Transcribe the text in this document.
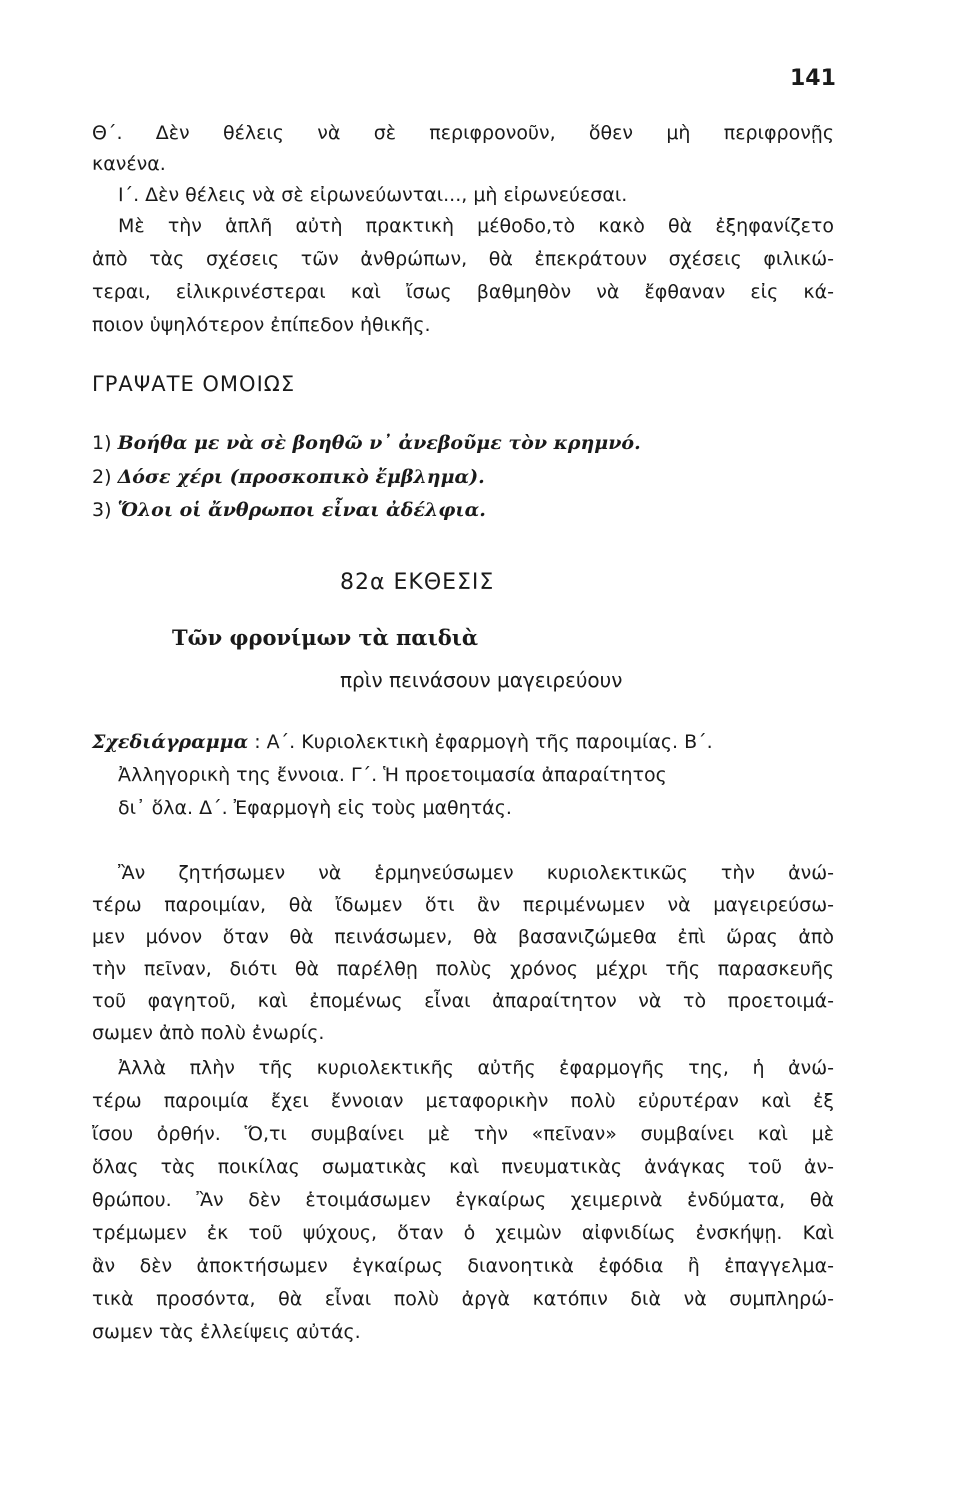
141
Θ΄. Δὲν θέλεις νὰ σὲ περιφρονοῦν, ὅθεν μὴ περιφρονῇς
κανένα.
Ι΄. Δὲν θέλεις νὰ σὲ εἰρωνεύωνται..., μὴ εἰρωνεύεσαι.
Μὲ τὴν ἁπλῆ αὐτὴ πρακτικὴ μέθοδο,τὸ κακὸ θὰ ἐξηφανίζετο
ἀπὸ τὰς σχέσεις τῶν ἀνθρώπων, θὰ ἐπεκράτουν σχέσεις φιλικώ-
τεραι, εἰλικρινέστεραι καὶ ἴσως βαθμηθὸν νὰ ἔφθαναν εἰς κά-
ποιον ὑψηλότερον ἐπίπεδον ἠθικῆς.
ΓΡΑΨΑΤΕ ΟΜΟΙΩΣ
1) Βοήθα με νὰ σὲ βοηθῶ ν᾽ ἀνεβοῦμε τὸν κρημνό.
2) Δόσε χέρι (προσκοπικὸ ἔμβλημα).
3) Ὅλοι οἱ ἄνθρωποι εἶναι ἀδέλφια.
82α ΕΚΘΕΣΙΣ
Τῶν φρονίμων τὰ παιδιὰ
πρὶν πεινάσουν μαγειρεύουν
Σχεδιάγραμμα : Α΄. Κυριολεκτικὴ ἐφαρμογὴ τῆς παροιμίας. Β΄.
Ἀλληγορικὴ της ἔννοια. Γ΄. Ἡ προετοιμασία ἀπαραίτητος
δι᾽ ὅλα. Δ΄. Ἐφαρμογὴ εἰς τοὺς μαθητάς.
Ἂν ζητήσωμεν νὰ ἑρμηνεύσωμεν κυριολεκτικῶς τὴν ἀνώ-
τέρω παροιμίαν, θὰ ἴδωμεν ὅτι ἂν περιμένωμεν νὰ μαγειρεύσω-
μεν μόνον ὅταν θὰ πεινάσωμεν, θὰ βασανιζώμεθα ἐπὶ ὥρας ἀπὸ
τὴν πεῖναν, διότι θὰ παρέλθῃ πολὺς χρόνος μέχρι τῆς παρασκευῆς
τοῦ φαγητοῦ, καὶ ἐπομένως εἶναι ἀπαραίτητον νὰ τὸ προετοιμά-
σωμεν ἀπὸ πολὺ ἐνωρίς.
Ἀλλὰ πλὴν τῆς κυριολεκτικῆς αὐτῆς ἐφαρμογῆς της, ἡ ἀνώ-
τέρω παροιμία ἔχει ἔννοιαν μεταφορικὴν πολὺ εὐρυτέραν καὶ ἐξ
ἴσου ὀρθήν. Ὅ,τι συμβαίνει μὲ τὴν «πεῖναν» συμβαίνει καὶ μὲ
ὅλας τὰς ποικίλας σωματικὰς καὶ πνευματικὰς ἀνάγκας τοῦ ἀν-
θρώπου. Ἂν δὲν ἑτοιμάσωμεν ἐγκαίρως χειμερινὰ ἐνδύματα, θὰ
τρέμωμεν ἐκ τοῦ ψύχους, ὅταν ὁ χειμὼν αἰφνιδίως ἐνσκήψῃ. Καὶ
ἂν δὲν ἀποκτήσωμεν ἐγκαίρως διανοητικὰ ἐφόδια ἢ ἐπαγγελμα-
τικὰ προσόντα, θὰ εἶναι πολὺ ἀργὰ κατόπιν διὰ νὰ συμπληρώ-
σωμεν τὰς ἐλλείψεις αὐτάς.
